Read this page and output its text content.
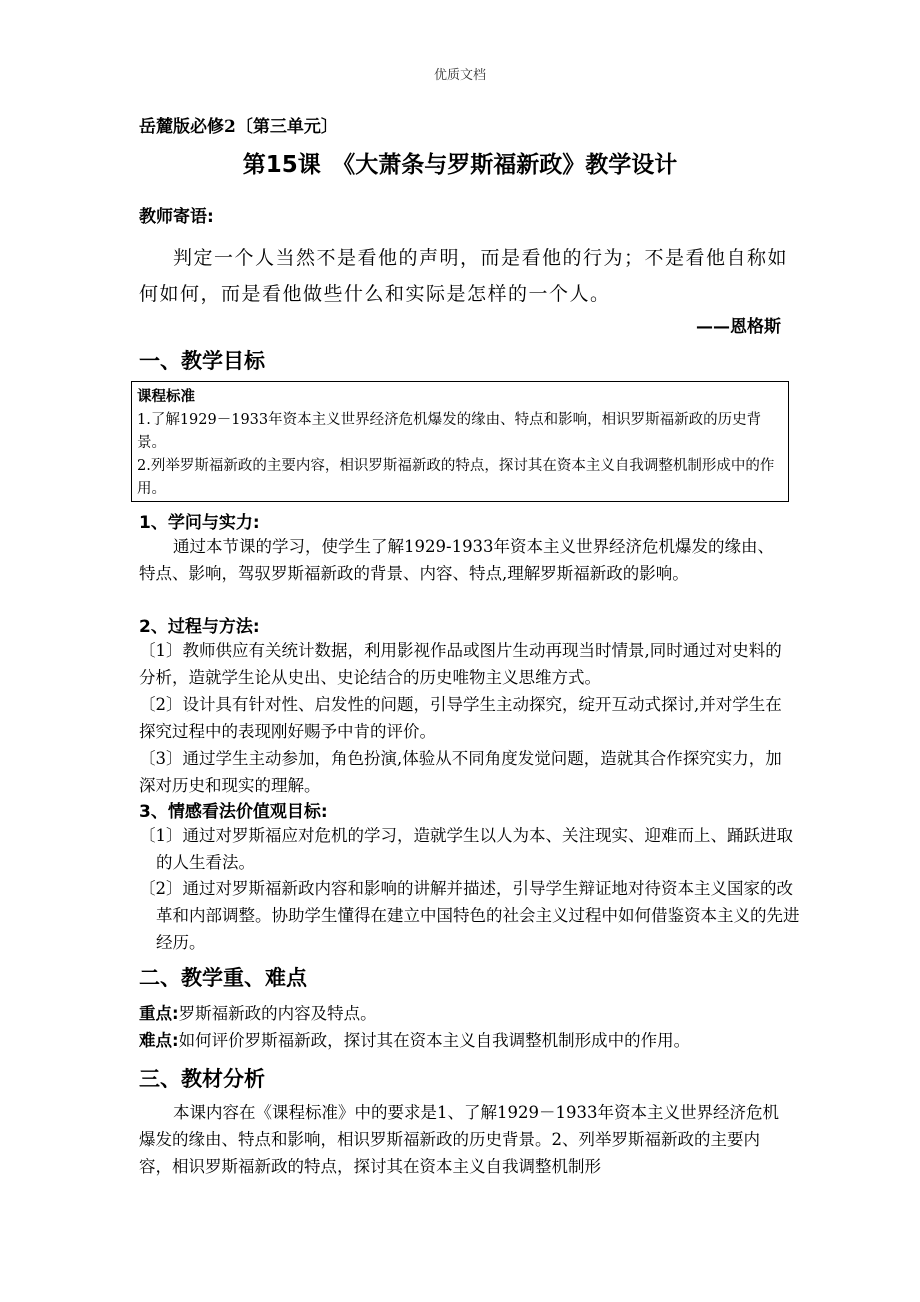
优质文档
岳麓版必修2〔第三单元〕
第15课　《大萧条与罗斯福新政》教学设计
教师寄语:
判定一个人当然不是看他的声明，而是看他的行为；不是看他自称如何如何，而是看他做些什么和实际是怎样的一个人。
——恩格斯
一、教学目标
课程标准
1.了解1929－1933年资本主义世界经济危机爆发的缘由、特点和影响，相识罗斯福新政的历史背景。
2.列举罗斯福新政的主要内容，相识罗斯福新政的特点，探讨其在资本主义自我调整机制形成中的作用。
1、学问与实力:
通过本节课的学习，使学生了解1929-1933年资本主义世界经济危机爆发的缘由、特点、影响，驾驭罗斯福新政的背景、内容、特点,理解罗斯福新政的影响。
2、过程与方法:
〔1〕教师供应有关统计数据，利用影视作品或图片生动再现当时情景,同时通过对史料的分析，造就学生论从史出、史论结合的历史唯物主义思维方式。
〔2〕设计具有针对性、启发性的问题，引导学生主动探究，绽开互动式探讨,并对学生在探究过程中的表现刚好赐予中肯的评价。
〔3〕通过学生主动参加，角色扮演,体验从不同角度发觉问题，造就其合作探究实力，加深对历史和现实的理解。
3、情感看法价值观目标:
〔1〕通过对罗斯福应对危机的学习，造就学生以人为本、关注现实、迎难而上、踊跃进取的人生看法。
〔2〕通过对罗斯福新政内容和影响的讲解并描述，引导学生辩证地对待资本主义国家的改革和内部调整。协助学生懂得在建立中国特色的社会主义过程中如何借鉴资本主义的先进经历。
二、教学重、难点
重点:罗斯福新政的内容及特点。
难点:如何评价罗斯福新政，探讨其在资本主义自我调整机制形成中的作用。
三、教材分析
本课内容在《课程标准》中的要求是1、了解1929－1933年资本主义世界经济危机爆发的缘由、特点和影响，相识罗斯福新政的历史背景。2、列举罗斯福新政的主要内容，相识罗斯福新政的特点，探讨其在资本主义自我调整机制形
